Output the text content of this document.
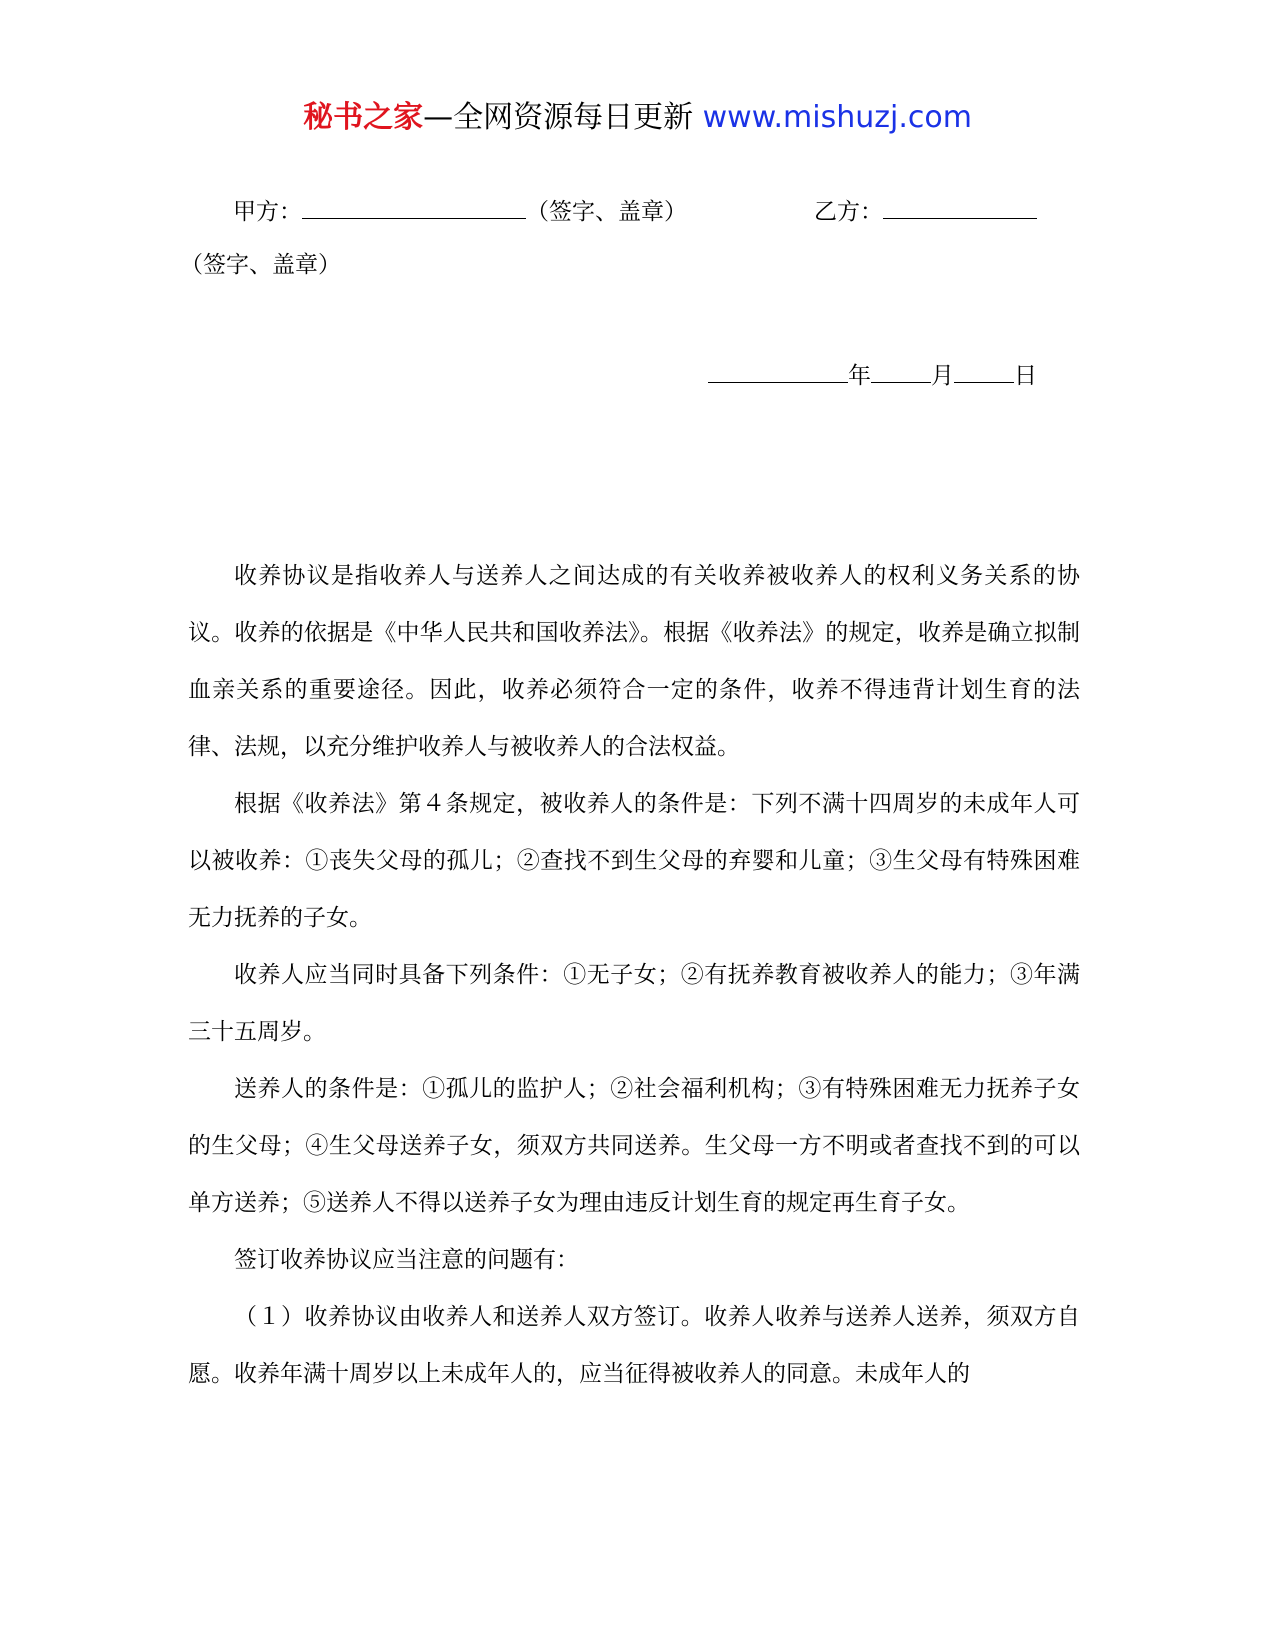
秘书之家—全网资源每日更新 www.mishuzj.com
甲方：	（签字、盖章）	乙方：
（签字、盖章）
年	月	日

收养协议是指收养人与送养人之间达成的有关收养被收养人的权利义务关系的协议。收养的依据是《中华人民共和国收养法》。根据《收养法》的规定，收养是确立拟制血亲关系的重要途径。因此，收养必须符合一定的条件，收养不得违背计划生育的法律、法规，以充分维护收养人与被收养人的合法权益。

根据《收养法》第４条规定，被收养人的条件是：下列不满十四周岁的未成年人可以被收养：①丧失父母的孤儿；②查找不到生父母的弃婴和儿童；③生父母有特殊困难无力抚养的子女。

收养人应当同时具备下列条件：①无子女；②有抚养教育被收养人的能力；③年满三十五周岁。

送养人的条件是：①孤儿的监护人；②社会福利机构；③有特殊困难无力抚养子女的生父母；④生父母送养子女，须双方共同送养。生父母一方不明或者查找不到的可以单方送养；⑤送养人不得以送养子女为理由违反计划生育的规定再生育子女。

签订收养协议应当注意的问题有：

（１）收养协议由收养人和送养人双方签订。收养人收养与送养人送养，须双方自愿。收养年满十周岁以上未成年人的，应当征得被收养人的同意。未成年人的
